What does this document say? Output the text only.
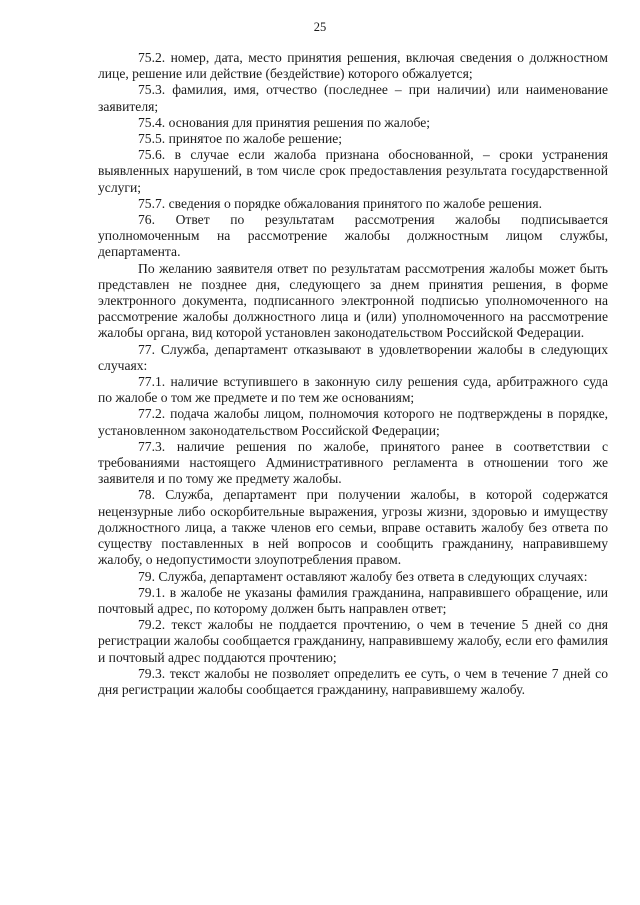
25

75.2. номер, дата, место принятия решения, включая сведения о должностном лице, решение или действие (бездействие) которого обжалуется;

75.3. фамилия, имя, отчество (последнее – при наличии) или наименование заявителя;

75.4. основания для принятия решения по жалобе;

75.5. принятое по жалобе решение;

75.6. в случае если жалоба признана обоснованной, – сроки устранения выявленных нарушений, в том числе срок предоставления результата государственной услуги;

75.7. сведения о порядке обжалования принятого по жалобе решения.

76. Ответ по результатам рассмотрения жалобы подписывается уполномоченным на рассмотрение жалобы должностным лицом службы, департамента.

По желанию заявителя ответ по результатам рассмотрения жалобы может быть представлен не позднее дня, следующего за днем принятия решения, в форме электронного документа, подписанного электронной подписью уполномоченного на рассмотрение жалобы должностного лица и (или) уполномоченного на рассмотрение жалобы органа, вид которой установлен законодательством Российской Федерации.

77. Служба, департамент отказывают в удовлетворении жалобы в следующих случаях:

77.1. наличие вступившего в законную силу решения суда, арбитражного суда по жалобе о том же предмете и по тем же основаниям;

77.2. подача жалобы лицом, полномочия которого не подтверждены в порядке, установленном законодательством Российской Федерации;

77.3. наличие решения по жалобе, принятого ранее в соответствии с требованиями настоящего Административного регламента в отношении того же заявителя и по тому же предмету жалобы.

78. Служба, департамент при получении жалобы, в которой содержатся нецензурные либо оскорбительные выражения, угрозы жизни, здоровью и имуществу должностного лица, а также членов его семьи, вправе оставить жалобу без ответа по существу поставленных в ней вопросов и сообщить гражданину, направившему жалобу, о недопустимости злоупотребления правом.

79. Служба, департамент оставляют жалобу без ответа в следующих случаях:

79.1. в жалобе не указаны фамилия гражданина, направившего обращение, или почтовый адрес, по которому должен быть направлен ответ;

79.2. текст жалобы не поддается прочтению, о чем в течение 5 дней со дня регистрации жалобы сообщается гражданину, направившему жалобу, если его фамилия и почтовый адрес поддаются прочтению;

79.3. текст жалобы не позволяет определить ее суть, о чем в течение 7 дней со дня регистрации жалобы сообщается гражданину, направившему жалобу.
